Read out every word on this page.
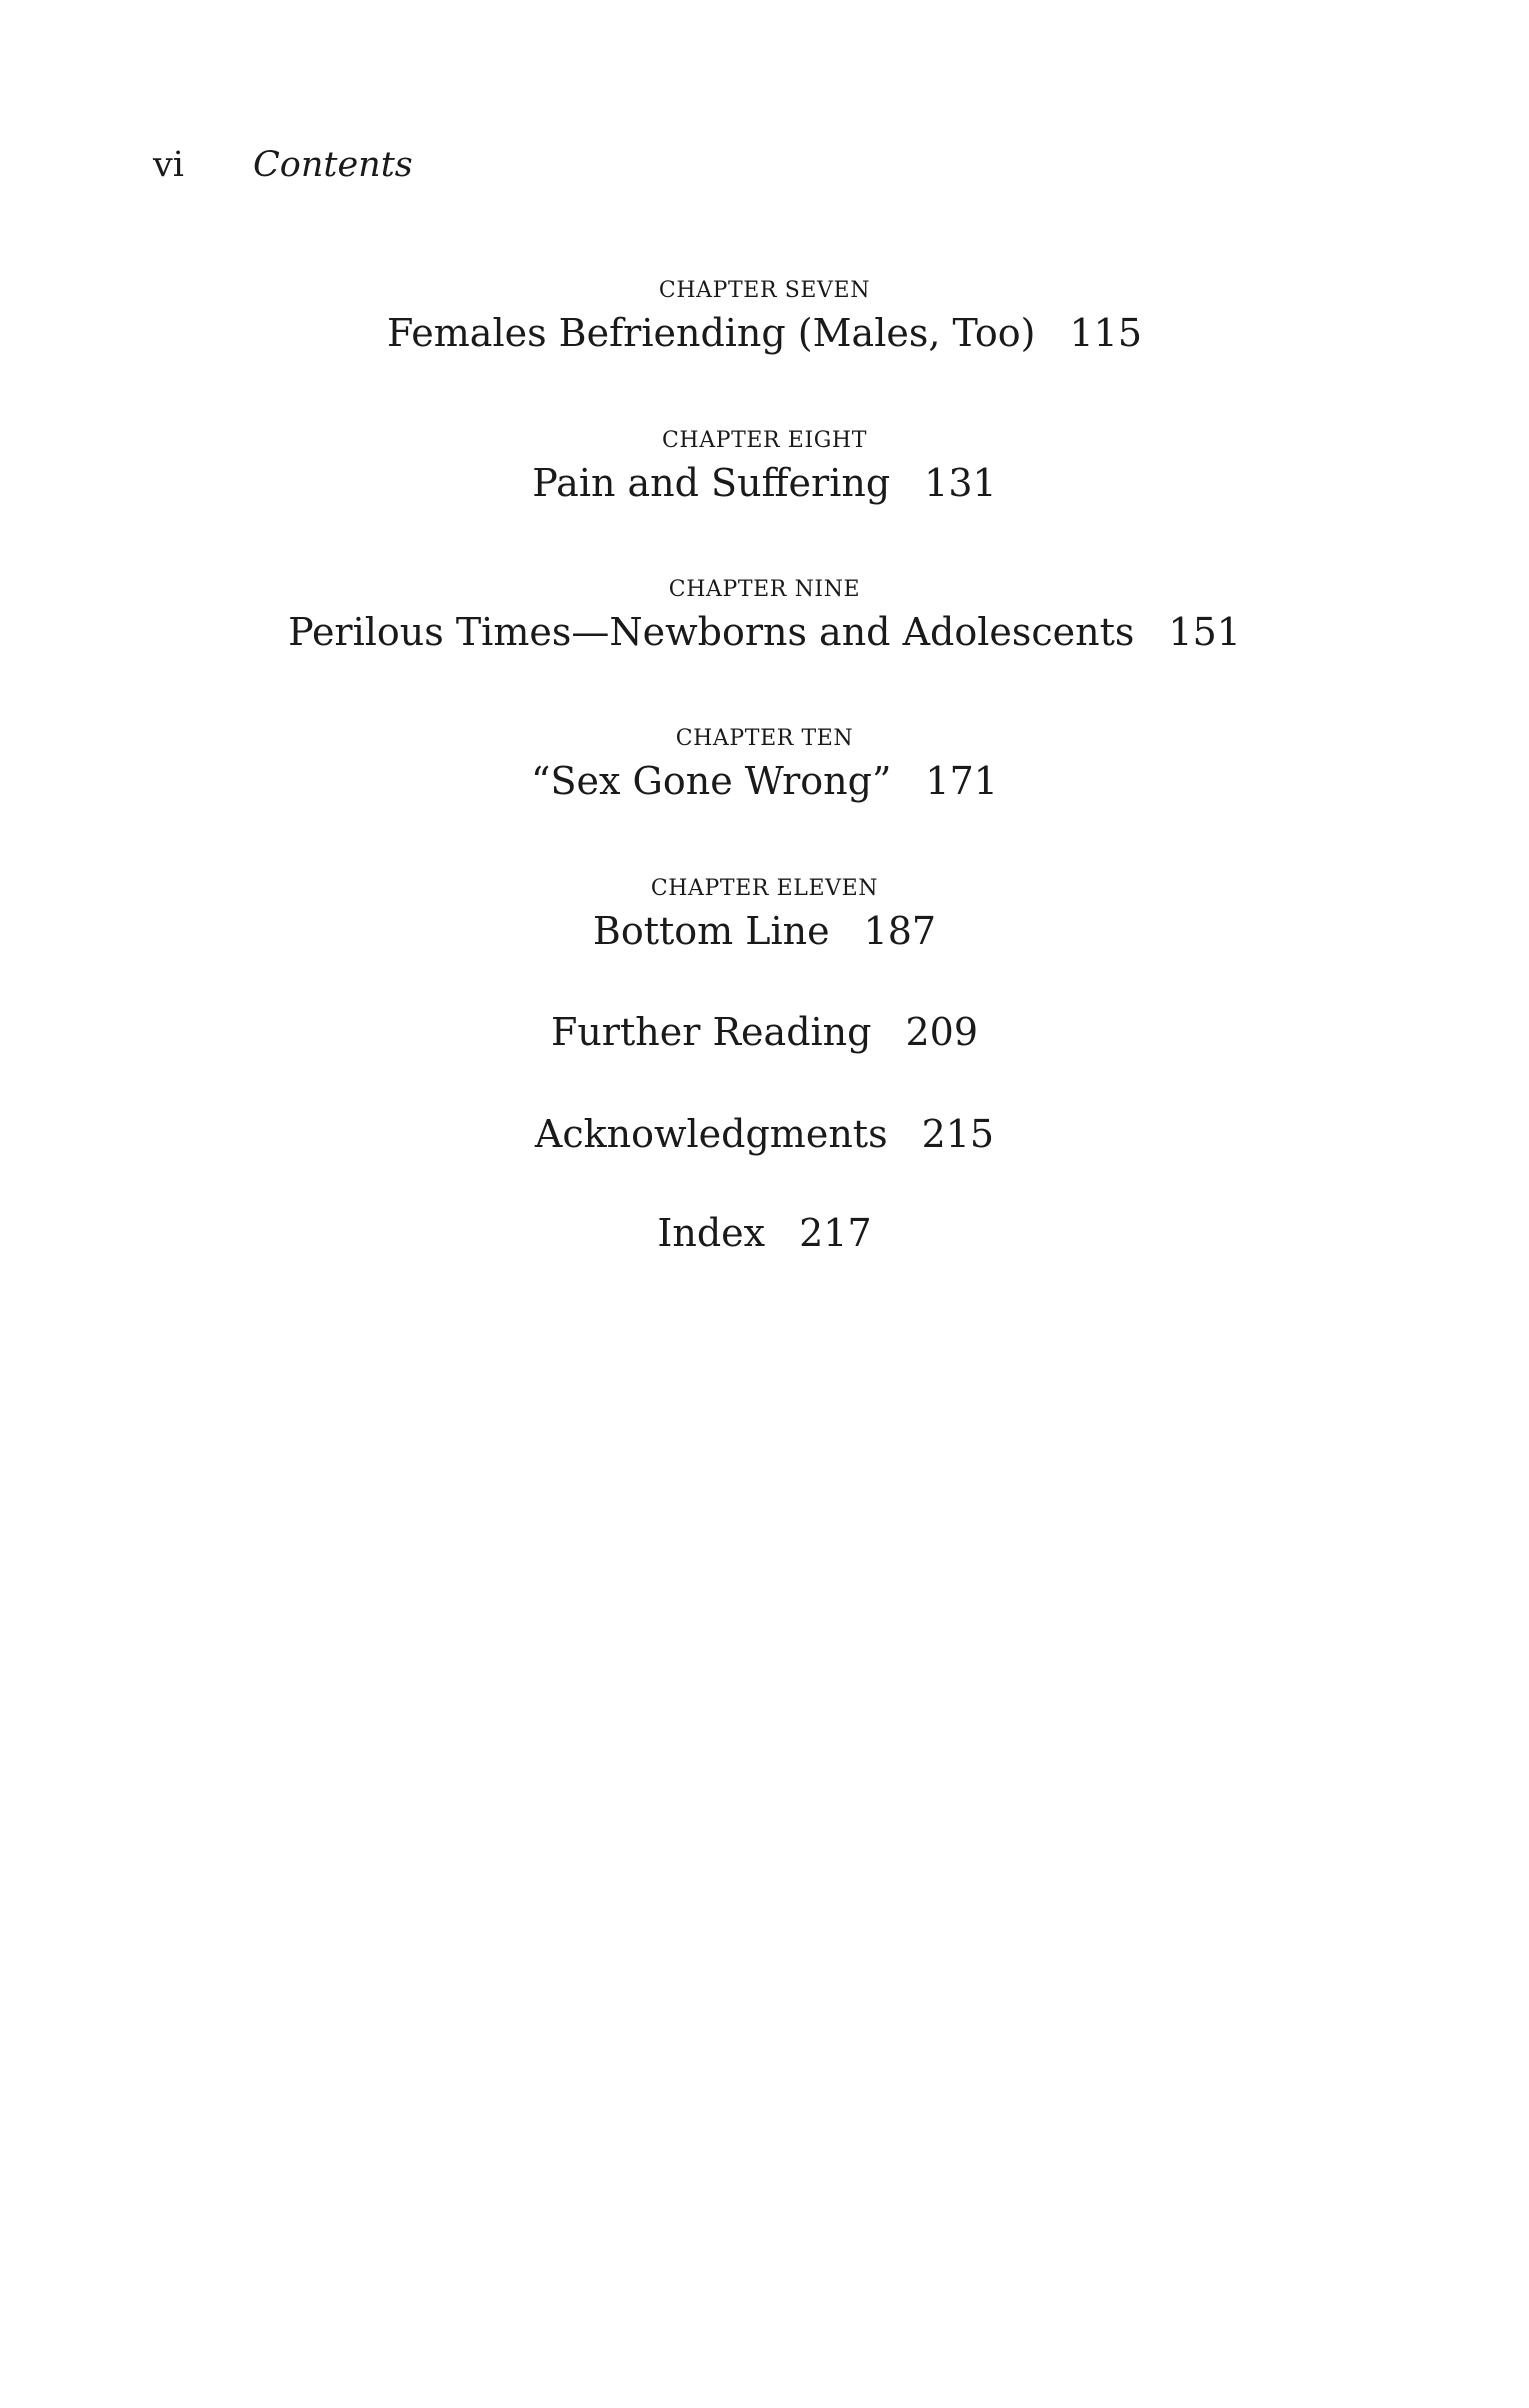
vi Contents
CHAPTER SEVEN
Females Befriending (Males, Too) 115
CHAPTER EIGHT
Pain and Suffering 131
CHAPTER NINE
Perilous Times—Newborns and Adolescents 151
CHAPTER TEN
“Sex Gone Wrong” 171
CHAPTER ELEVEN
Bottom Line 187
Further Reading 209
Acknowledgments 215
Index 217
